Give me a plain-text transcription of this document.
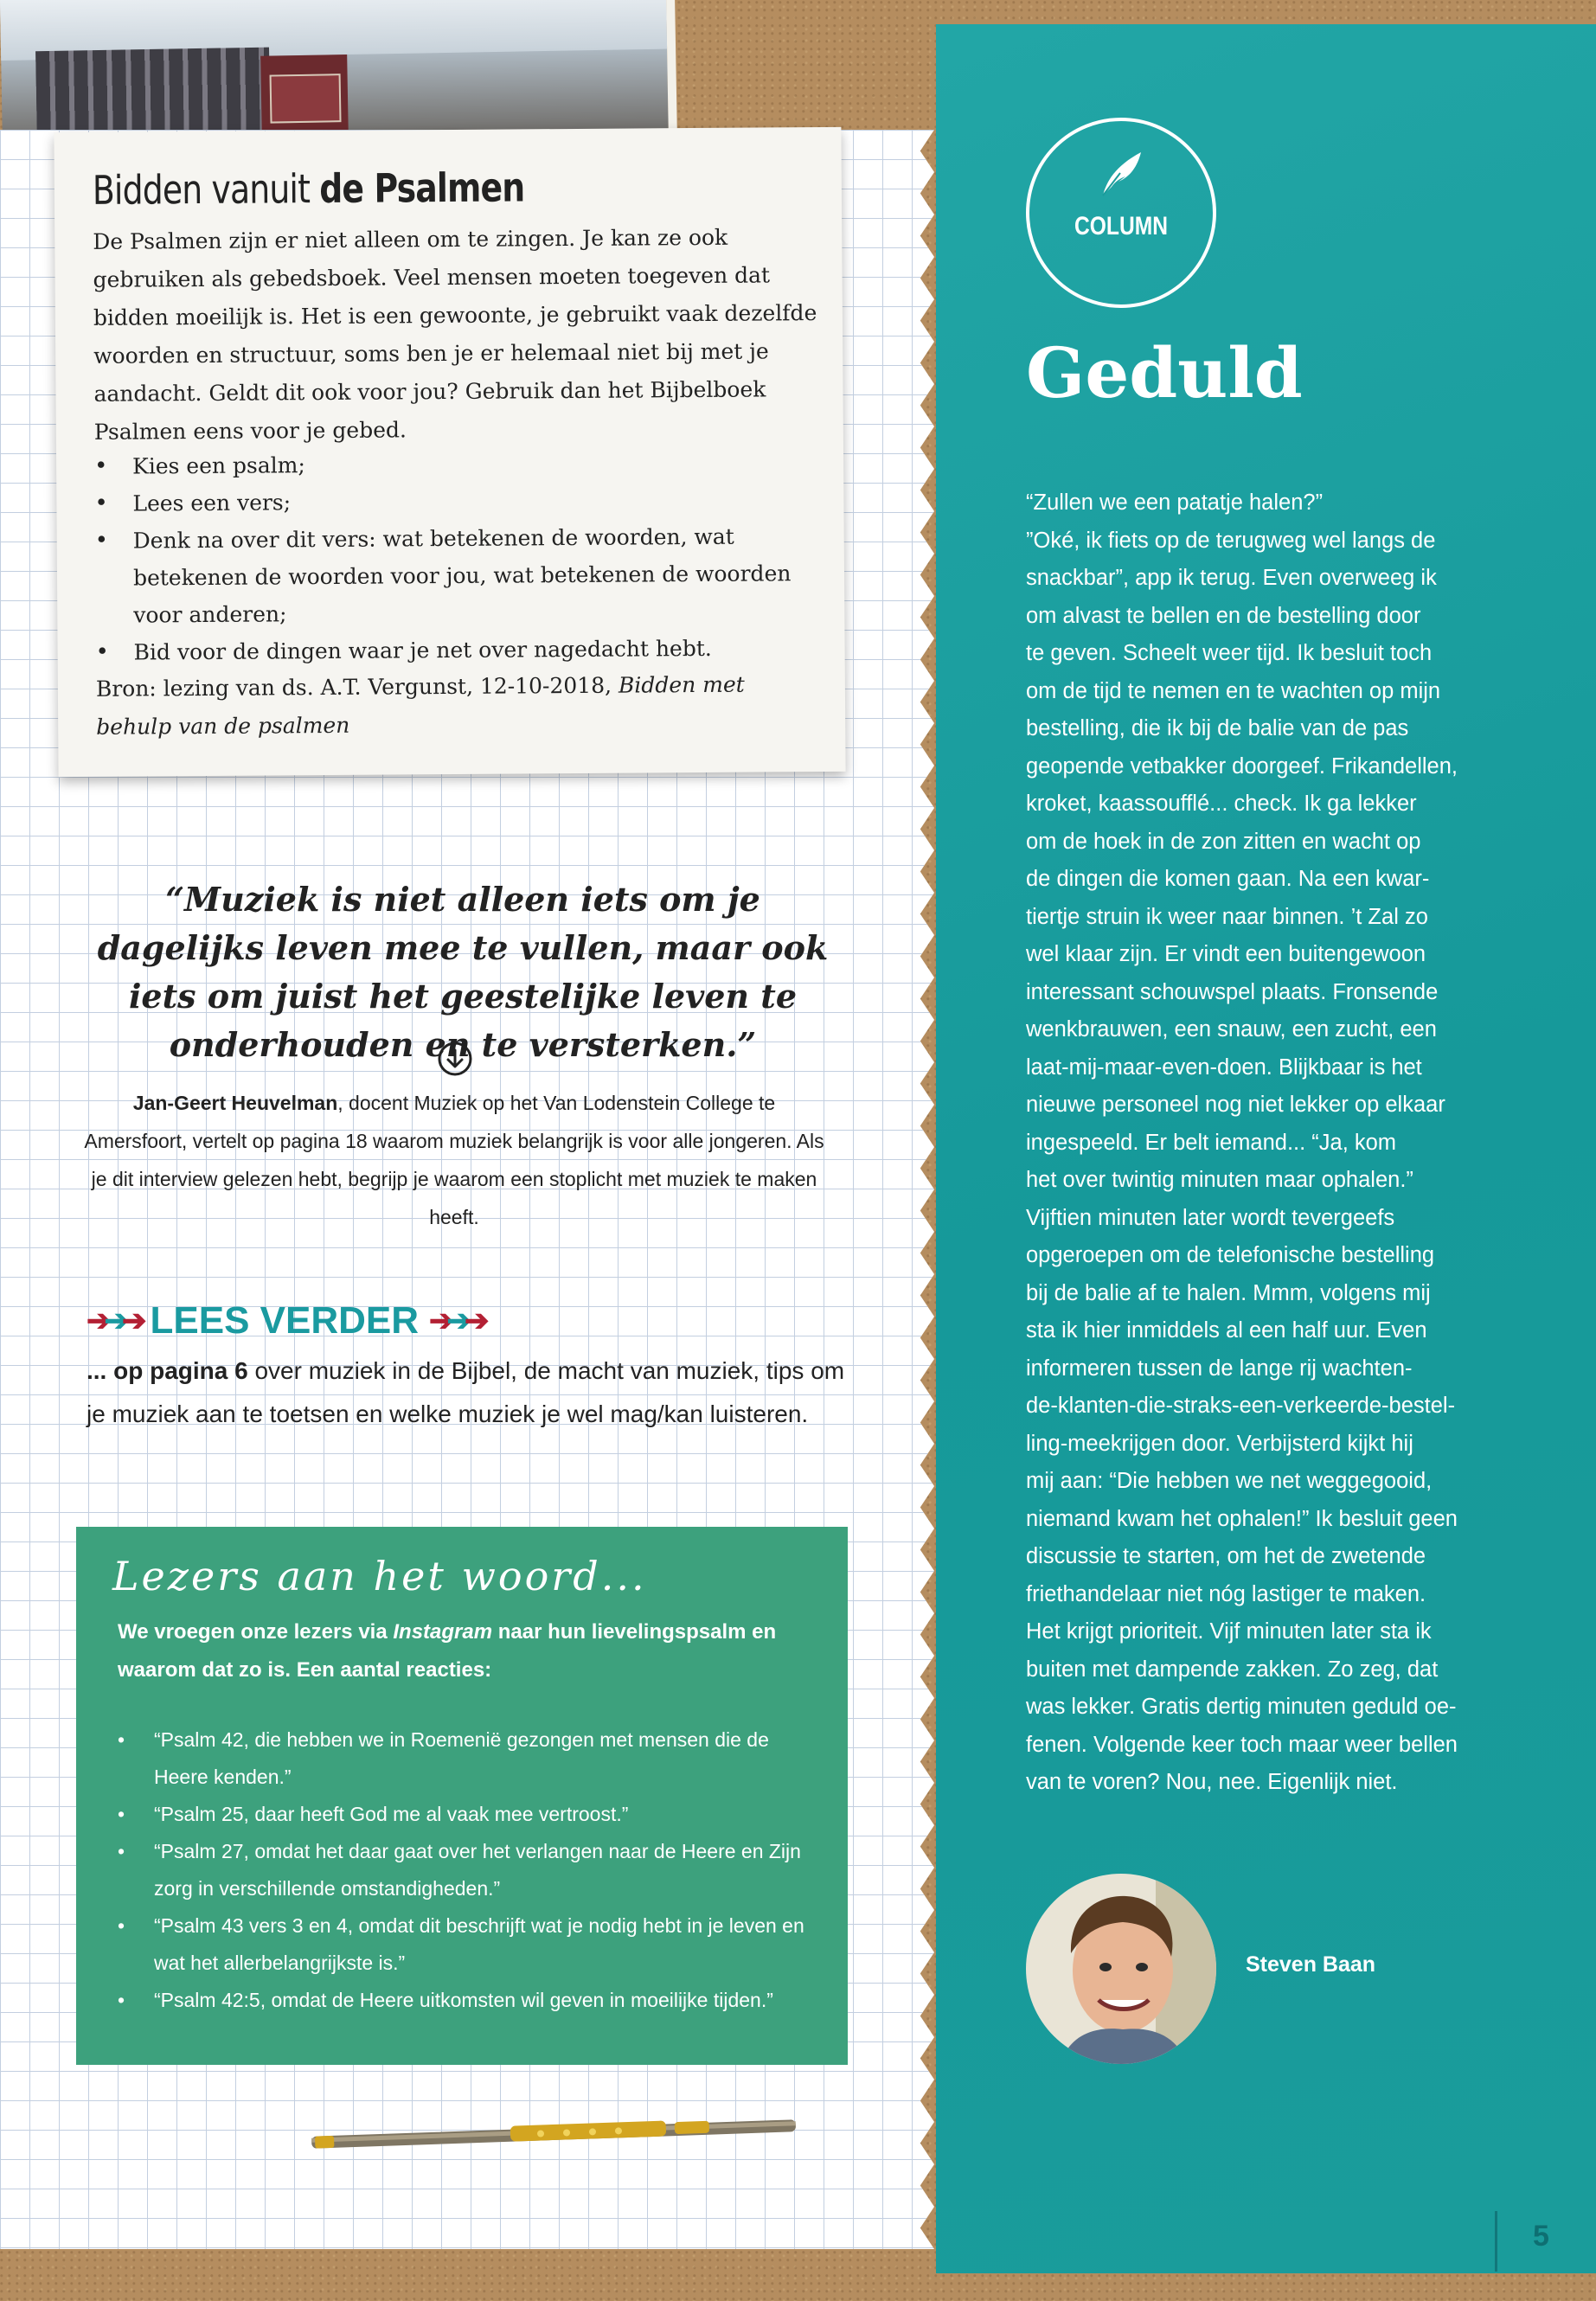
Bidden vanuit de Psalmen

De Psalmen zijn er niet alleen om te zingen. Je kan ze ook gebruiken als gebedsboek. Veel mensen moeten toegeven dat bidden moeilijk is. Het is een gewoonte, je gebruikt vaak dezelfde woorden en structuur, soms ben je er helemaal niet bij met je aandacht. Geldt dit ook voor jou? Gebruik dan het Bijbelboek Psalmen eens voor je gebed.

• Kies een psalm;
• Lees een vers;
• Denk na over dit vers: wat betekenen de woorden, wat betekenen de woorden voor jou, wat betekenen de woorden voor anderen;
• Bid voor de dingen waar je net over nagedacht hebt.

Bron: lezing van ds. A.T. Vergunst, 12-10-2018, Bidden met behulp van de psalmen

“Muziek is niet alleen iets om je dagelijks leven mee te vullen, maar ook iets om juist het geestelijke leven te onderhouden en te versterken.”

Jan-Geert Heuvelman, docent Muziek op het Van Lodenstein College te Amersfoort, vertelt op pagina 18 waarom muziek belangrijk is voor alle jongeren. Als je dit interview gelezen hebt, begrijp je waarom een stoplicht met muziek te maken heeft.

➔➔➔ LEES VERDER ➔➔➔

... op pagina 6 over muziek in de Bijbel, de macht van muziek, tips om je muziek aan te toetsen en welke muziek je wel mag/kan luisteren.

Lezers aan het woord...

We vroegen onze lezers via Instagram naar hun lievelingspsalm en waarom dat zo is. Een aantal reacties:

• “Psalm 42, die hebben we in Roemenië gezongen met mensen die de Heere kenden.”
• “Psalm 25, daar heeft God me al vaak mee vertroost.”
• “Psalm 27, omdat het daar gaat over het verlangen naar de Heere en Zijn zorg in verschillende omstandigheden.”
• “Psalm 43 vers 3 en 4, omdat dit beschrijft wat je nodig hebt in je leven en wat het allerbelangrijkste is.”
• “Psalm 42:5, omdat de Heere uitkomsten wil geven in moeilijke tijden.”
COLUMN
Geduld
“Zullen we een patatje halen?”
”Oké, ik fiets op de terugweg wel langs de
snackbar”, app ik terug. Even overweeg ik
om alvast te bellen en de bestelling door
te geven. Scheelt weer tijd. Ik besluit toch
om de tijd te nemen en te wachten op mijn
bestelling, die ik bij de balie van de pas
geopende vetbakker doorgeef. Frikandellen,
kroket, kaassoufflé... check. Ik ga lekker
om de hoek in de zon zitten en wacht op
de dingen die komen gaan. Na een kwar-
tiertje struin ik weer naar binnen. ’t Zal zo
wel klaar zijn. Er vindt een buitengewoon
interessant schouwspel plaats. Fronsende
wenkbrauwen, een snauw, een zucht, een
laat-mij-maar-even-doen. Blijkbaar is het
nieuwe personeel nog niet lekker op elkaar
ingespeeld. Er belt iemand... “Ja, kom
het over twintig minuten maar ophalen.”
Vijftien minuten later wordt tevergeefs
opgeroepen om de telefonische bestelling
bij de balie af te halen. Mmm, volgens mij
sta ik hier inmiddels al een half uur. Even
informeren tussen de lange rij wachten-
de-klanten-die-straks-een-verkeerde-bestel-
ling-meekrijgen door. Verbijsterd kijkt hij
mij aan: “Die hebben we net weggegooid,
niemand kwam het ophalen!” Ik besluit geen
discussie te starten, om het de zwetende
friethandelaar niet nóg lastiger te maken.
Het krijgt prioriteit. Vijf minuten later sta ik
buiten met dampende zakken. Zo zeg, dat
was lekker. Gratis dertig minuten geduld oe-
fenen. Volgende keer toch maar weer bellen
van te voren? Nou, nee. Eigenlijk niet.
Steven Baan
5
